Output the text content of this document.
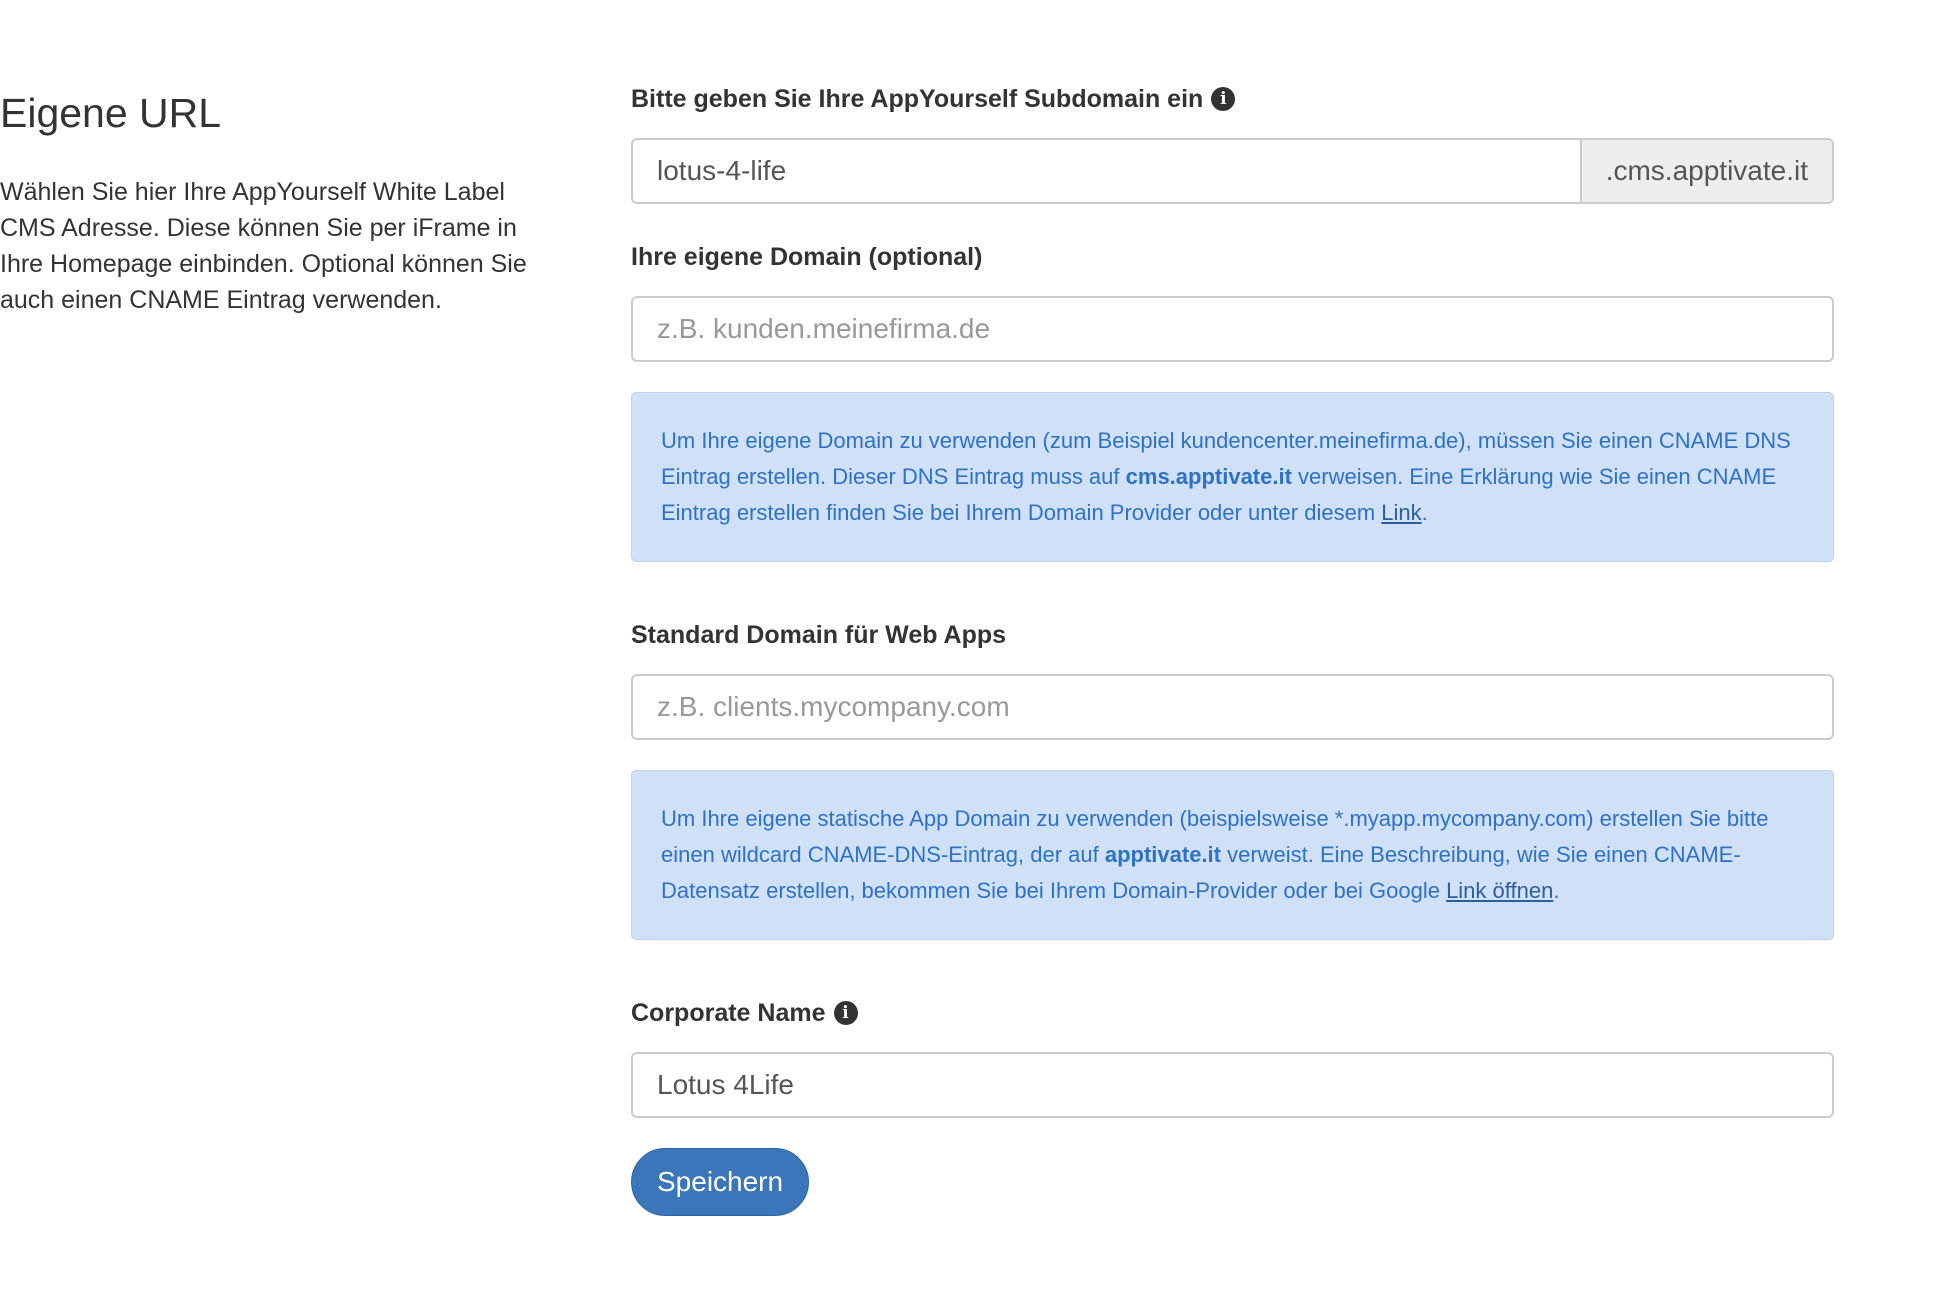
Eigene URL

Wählen Sie hier Ihre AppYourself White Label CMS Adresse. Diese können Sie per iFrame in Ihre Homepage einbinden. Optional können Sie auch einen CNAME Eintrag verwenden.

Bitte geben Sie Ihre AppYourself Subdomain ein i
lotus-4-life
.cms.apptivate.it
Ihre eigene Domain (optional)
z.B. kunden.meinefirma.de
Um Ihre eigene Domain zu verwenden (zum Beispiel kundencenter.meinefirma.de), müssen Sie einen CNAME DNS Eintrag erstellen. Dieser DNS Eintrag muss auf cms.apptivate.it verweisen. Eine Erklärung wie Sie einen CNAME Eintrag erstellen finden Sie bei Ihrem Domain Provider oder unter diesem Link.
Standard Domain für Web Apps
z.B. clients.mycompany.com
Um Ihre eigene statische App Domain zu verwenden (beispielsweise *.myapp.mycompany.com) erstellen Sie bitte einen wildcard CNAME-DNS-Eintrag, der auf apptivate.it verweist. Eine Beschreibung, wie Sie einen CNAME-Datensatz erstellen, bekommen Sie bei Ihrem Domain-Provider oder bei Google Link öffnen.
Corporate Name i
Lotus 4Life
Speichern
